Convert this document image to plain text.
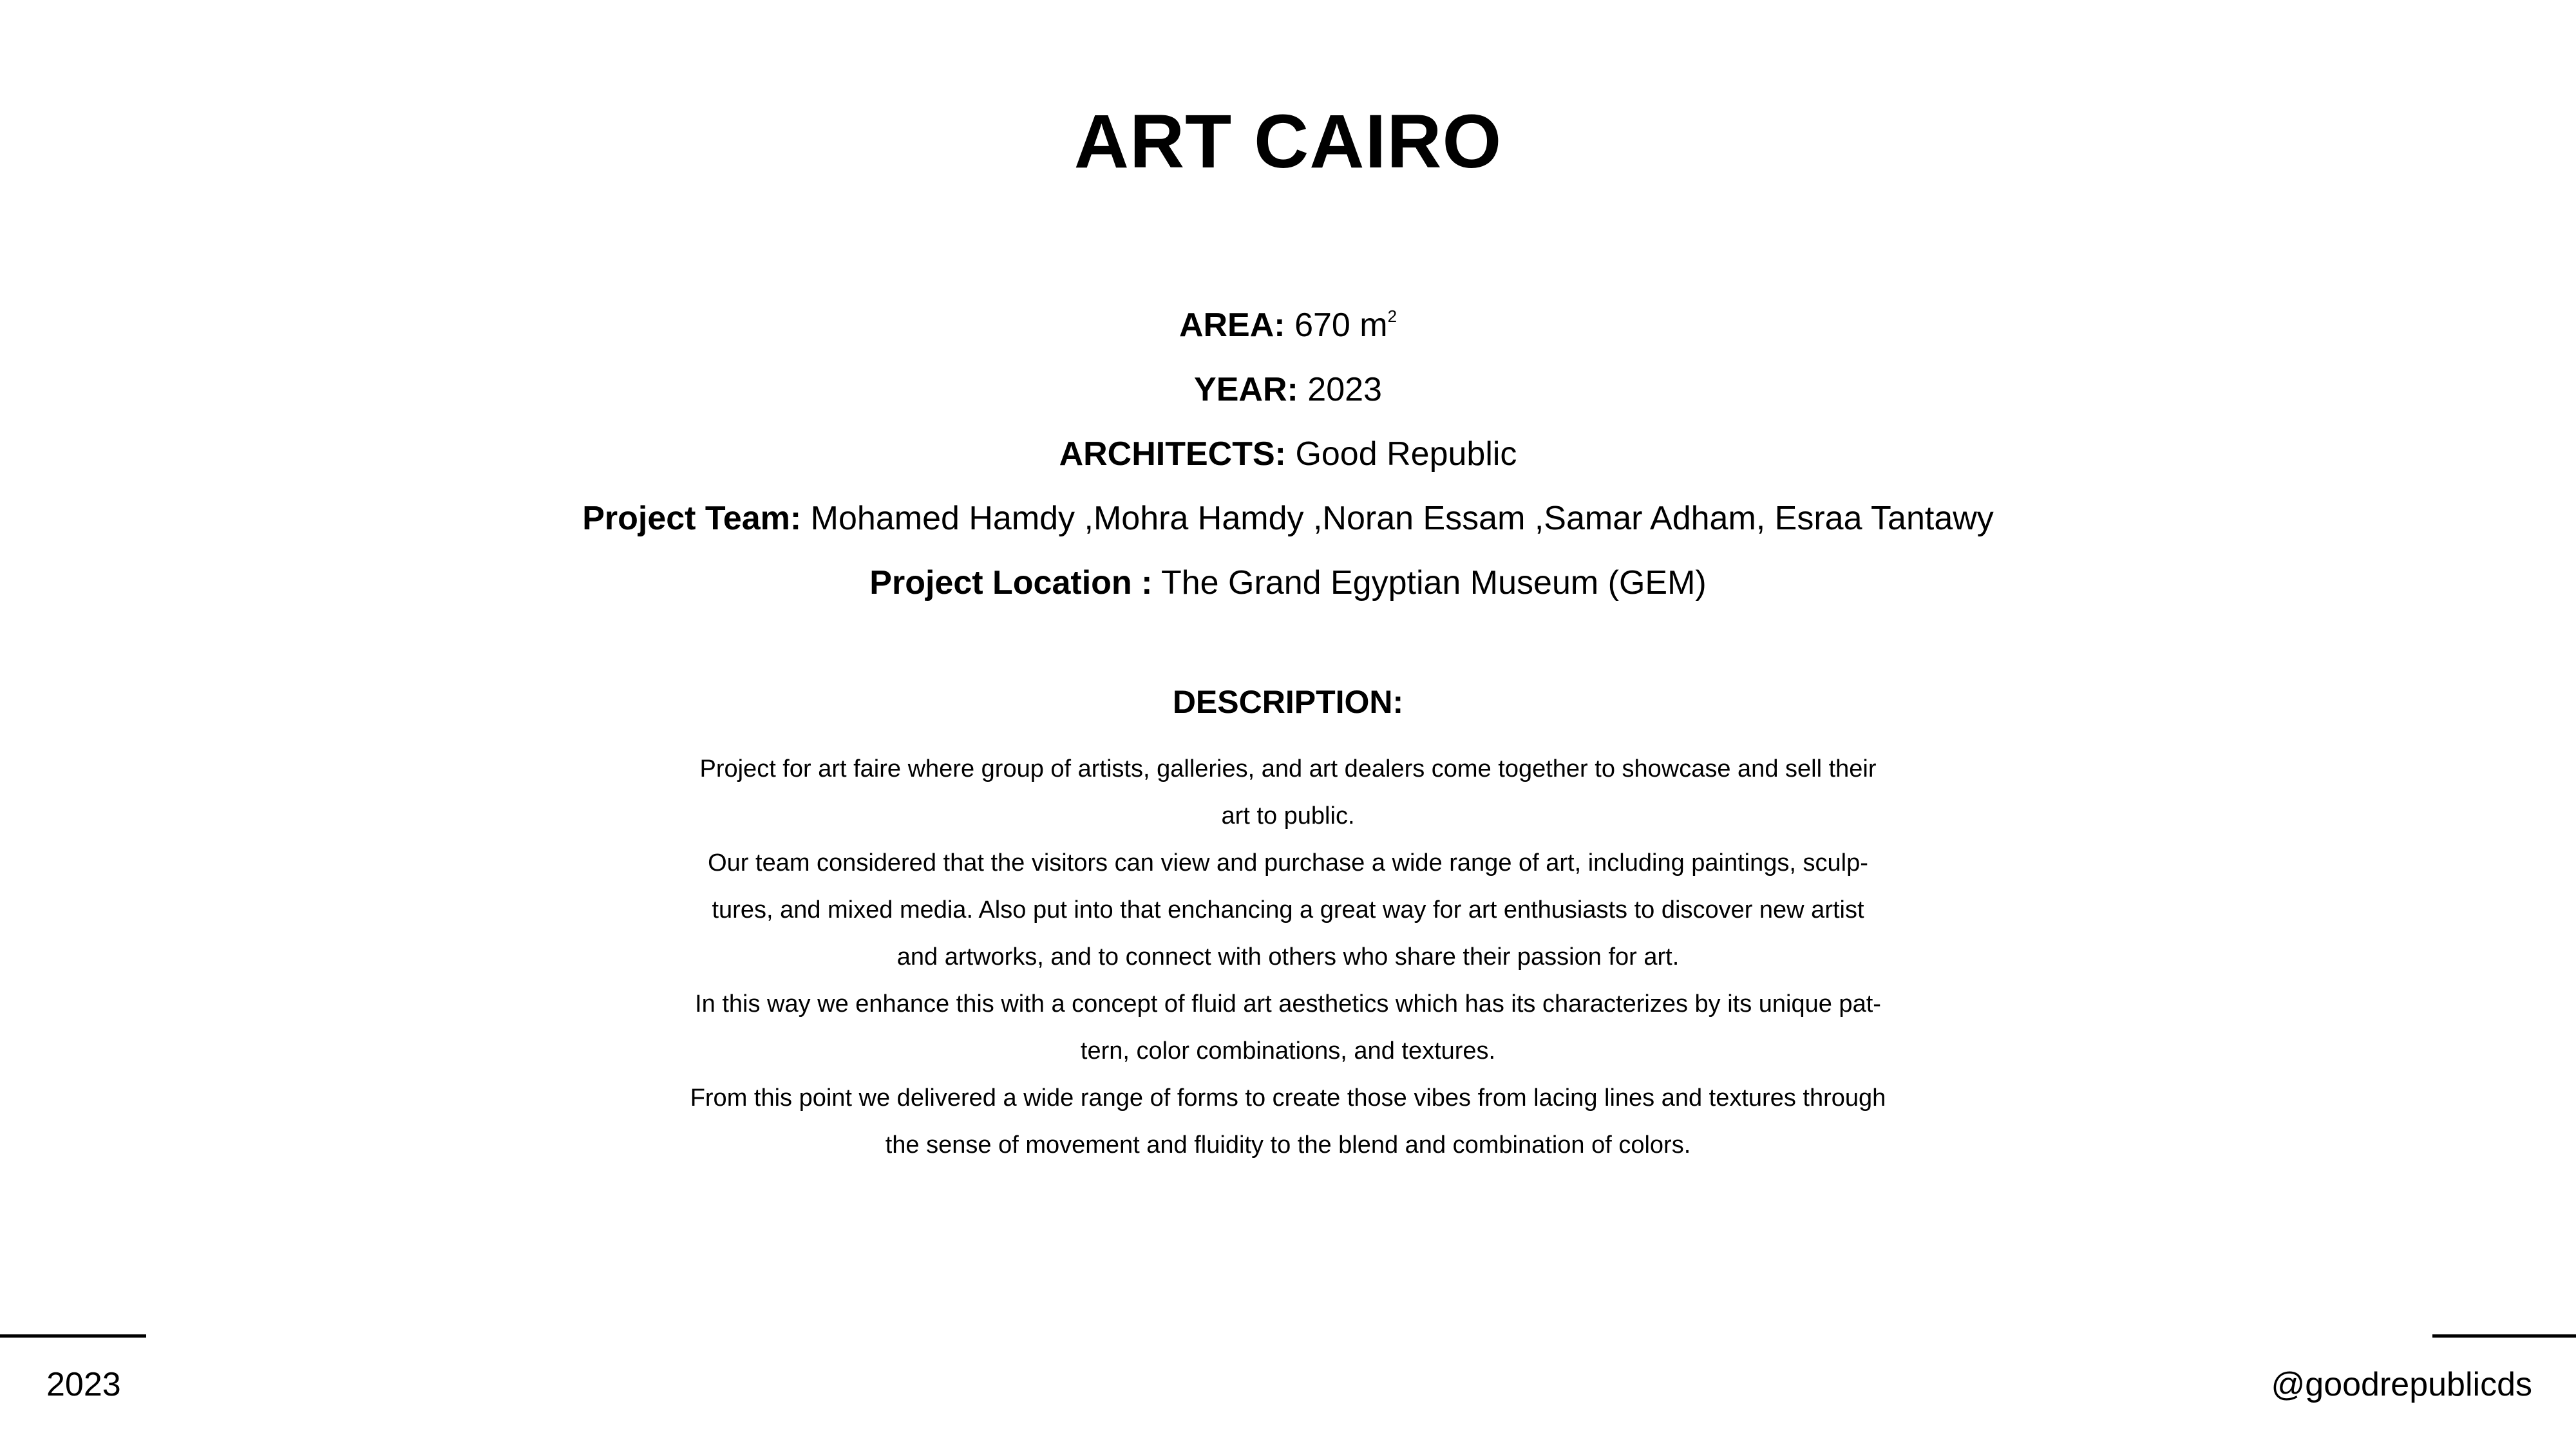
ART CAIRO
AREA: 670 $m^2$
YEAR: 2023
ARCHITECTS: Good Republic
Project Team: Mohamed Hamdy ,Mohra Hamdy ,Noran Essam ,Samar Adham, Esraa Tantawy
Project Location : The Grand Egyptian Museum (GEM)
DESCRIPTION:
Project for art faire where group of artists, galleries, and art dealers come together to showcase and sell their
art to public.
Our team considered that the visitors can view and purchase a wide range of art, including paintings, sculp-
tures, and mixed media. Also put into that enchancing a great way for art enthusiasts to discover new artist
and artworks, and to connect with others who share their passion for art.
In this way we enhance this with a concept of fluid art aesthetics which has its characterizes by its unique pat-
tern, color combinations, and textures.
From this point we delivered a wide range of forms to create those vibes from lacing lines and textures through
the sense of movement and fluidity to the blend and combination of colors.
2023	@goodrepublicds
